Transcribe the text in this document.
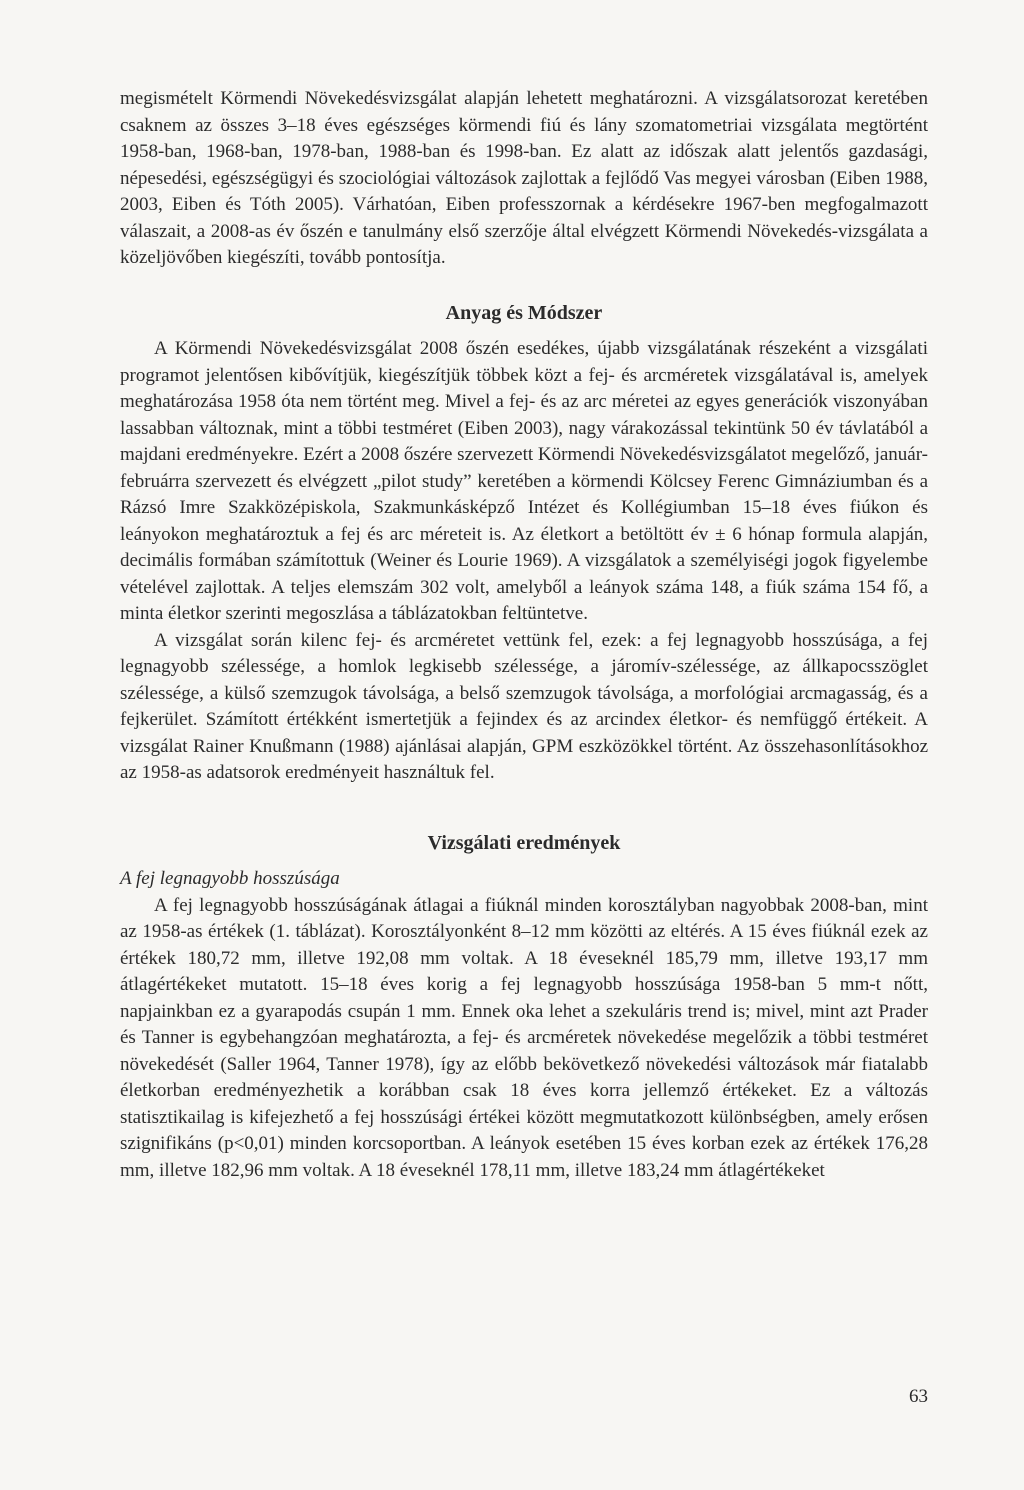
megismételt Körmendi Növekedésvizsgálat alapján lehetett meghatározni. A vizsgálatsorozat keretében csaknem az összes 3–18 éves egészséges körmendi fiú és lány szomatometriai vizsgálata megtörtént 1958-ban, 1968-ban, 1978-ban, 1988-ban és 1998-ban. Ez alatt az időszak alatt jelentős gazdasági, népesedési, egészségügyi és szociológiai változások zajlottak a fejlődő Vas megyei városban (Eiben 1988, 2003, Eiben és Tóth 2005). Várhatóan, Eiben professzornak a kérdésekre 1967-ben megfogalmazott válaszait, a 2008-as év őszén e tanulmány első szerzője által elvégzett Körmendi Növekedés-vizsgálata a közeljövőben kiegészíti, tovább pontosítja.

Anyag és Módszer

A Körmendi Növekedésvizsgálat 2008 őszén esedékes, újabb vizsgálatának részeként a vizsgálati programot jelentősen kibővítjük, kiegészítjük többek közt a fej- és arcméretek vizsgálatával is, amelyek meghatározása 1958 óta nem történt meg. Mivel a fej- és az arc méretei az egyes generációk viszonyában lassabban változnak, mint a többi testméret (Eiben 2003), nagy várakozással tekintünk 50 év távlatából a majdani eredményekre. Ezért a 2008 őszére szervezett Körmendi Növekedésvizsgálatot megelőző, január-februárra szervezett és elvégzett „pilot study” keretében a körmendi Kölcsey Ferenc Gimnáziumban és a Rázsó Imre Szakközépiskola, Szakmunkásképző Intézet és Kollégiumban 15–18 éves fiúkon és leányokon meghatároztuk a fej és arc méreteit is. Az életkort a betöltött év ± 6 hónap formula alapján, decimális formában számítottuk (Weiner és Lourie 1969). A vizsgálatok a személyiségi jogok figyelembe vételével zajlottak. A teljes elemszám 302 volt, amelyből a leányok száma 148, a fiúk száma 154 fő, a minta életkor szerinti megoszlása a táblázatokban feltüntetve.

A vizsgálat során kilenc fej- és arcméretet vettünk fel, ezek: a fej legnagyobb hosszúsága, a fej legnagyobb szélessége, a homlok legkisebb szélessége, a járomív-szélessége, az állkapocsszöglet szélessége, a külső szemzugok távolsága, a belső szemzugok távolsága, a morfológiai arcmagasság, és a fejkerület. Számított értékként ismertetjük a fejindex és az arcindex életkor- és nemfüggő értékeit. A vizsgálat Rainer Knußmann (1988) ajánlásai alapján, GPM eszközökkel történt. Az összehasonlításokhoz az 1958-as adatsorok eredményeit használtuk fel.

Vizsgálati eredmények

A fej legnagyobb hosszúsága

A fej legnagyobb hosszúságának átlagai a fiúknál minden korosztályban nagyobbak 2008-ban, mint az 1958-as értékek (1. táblázat). Korosztályonként 8–12 mm közötti az eltérés. A 15 éves fiúknál ezek az értékek 180,72 mm, illetve 192,08 mm voltak. A 18 éveseknél 185,79 mm, illetve 193,17 mm átlagértékeket mutatott. 15–18 éves korig a fej legnagyobb hosszúsága 1958-ban 5 mm-t nőtt, napjainkban ez a gyarapodás csupán 1 mm. Ennek oka lehet a szekuláris trend is; mivel, mint azt Prader és Tanner is egybehangzóan meghatározta, a fej- és arcméretek növekedése megelőzik a többi testméret növekedését (Saller 1964, Tanner 1978), így az előbb bekövetkező növekedési változások már fiatalabb életkorban eredményezhetik a korábban csak 18 éves korra jellemző értékeket. Ez a változás statisztikailag is kifejezhető a fej hosszúsági értékei között megmutatkozott különbségben, amely erősen szignifikáns (p<0,01) minden korcsoportban. A leányok esetében 15 éves korban ezek az értékek 176,28 mm, illetve 182,96 mm voltak. A 18 éveseknél 178,11 mm, illetve 183,24 mm átlagértékeket

63
